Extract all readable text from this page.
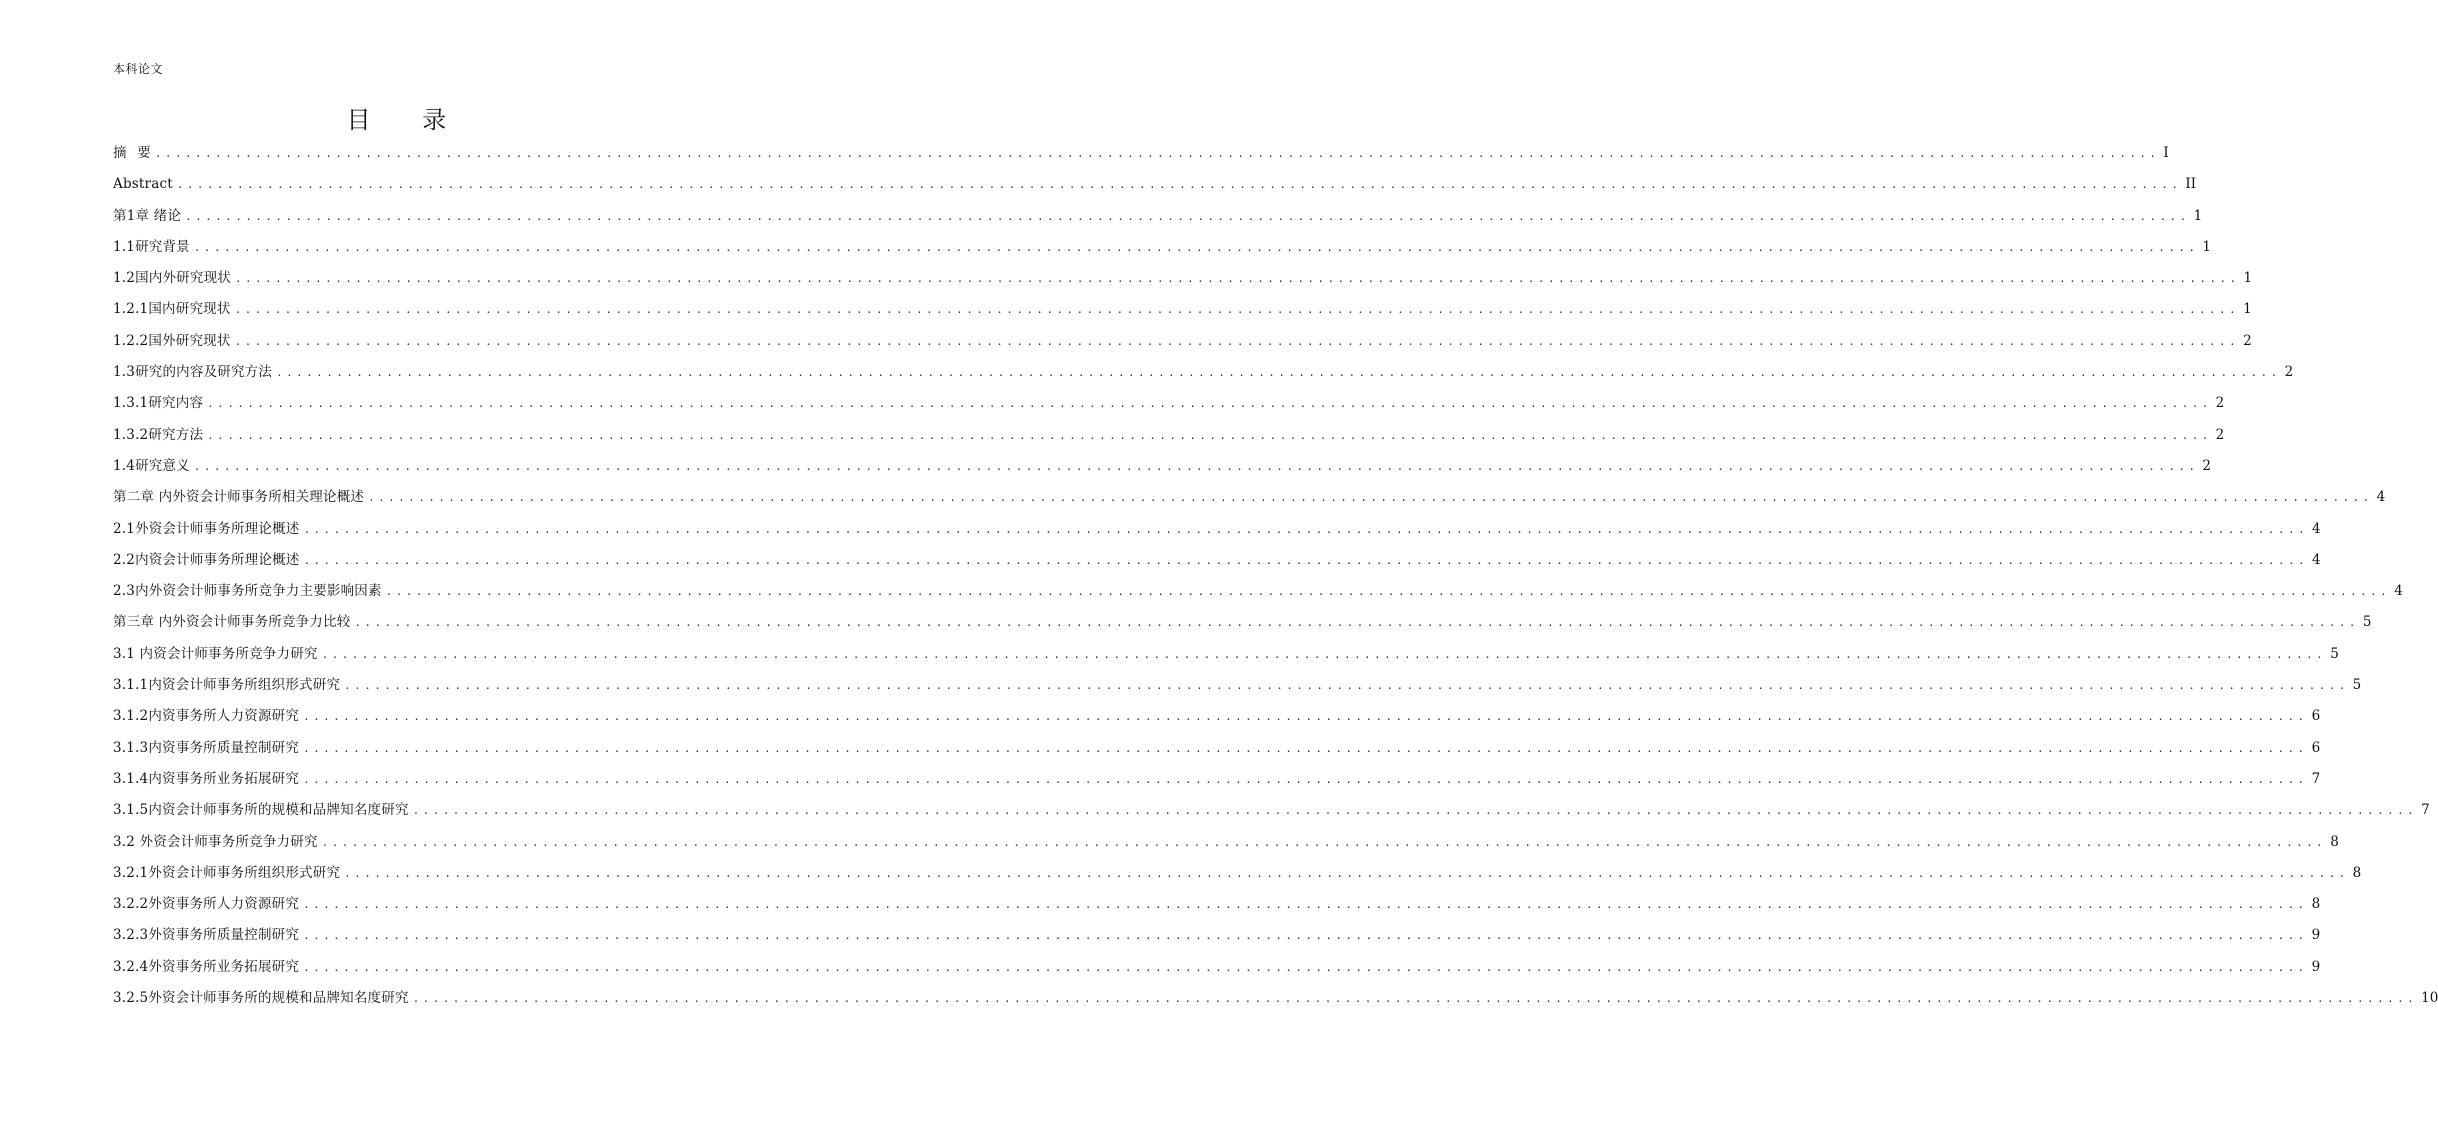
本科论文
目 录
摘 要 ........................................................................................................................................................................................................ I
Abstract ........................................................................................................................................................................................................ II
第1章 绪论 ........................................................................................................................................................................................................ 1
1.1研究背景 ........................................................................................................................................................................................................ 1
1.2国内外研究现状 ........................................................................................................................................................................................................ 1
1.2.1国内研究现状 ........................................................................................................................................................................................................ 1
1.2.2国外研究现状 ........................................................................................................................................................................................................ 2
1.3研究的内容及研究方法 ........................................................................................................................................................................................................ 2
1.3.1研究内容 ........................................................................................................................................................................................................ 2
1.3.2研究方法 ........................................................................................................................................................................................................ 2
1.4研究意义 ........................................................................................................................................................................................................ 2
第二章 内外资会计师事务所相关理论概述 ........................................................................................................................................................................................................ 4
2.1外资会计师事务所理论概述 ........................................................................................................................................................................................................ 4
2.2内资会计师事务所理论概述 ........................................................................................................................................................................................................ 4
2.3内外资会计师事务所竞争力主要影响因素 ........................................................................................................................................................................................................ 4
第三章 内外资会计师事务所竞争力比较 ........................................................................................................................................................................................................ 5
3.1 内资会计师事务所竞争力研究 ........................................................................................................................................................................................................ 5
3.1.1内资会计师事务所组织形式研究 ........................................................................................................................................................................................................ 5
3.1.2内资事务所人力资源研究 ........................................................................................................................................................................................................ 6
3.1.3内资事务所质量控制研究 ........................................................................................................................................................................................................ 6
3.1.4内资事务所业务拓展研究 ........................................................................................................................................................................................................ 7
3.1.5内资会计师事务所的规模和品牌知名度研究 ........................................................................................................................................................................................................ 7
3.2 外资会计师事务所竞争力研究 ........................................................................................................................................................................................................ 8
3.2.1外资会计师事务所组织形式研究 ........................................................................................................................................................................................................ 8
3.2.2外资事务所人力资源研究 ........................................................................................................................................................................................................ 8
3.2.3外资事务所质量控制研究 ........................................................................................................................................................................................................ 9
3.2.4外资事务所业务拓展研究 ........................................................................................................................................................................................................ 9
3.2.5外资会计师事务所的规模和品牌知名度研究 ........................................................................................................................................................................................................ 10
